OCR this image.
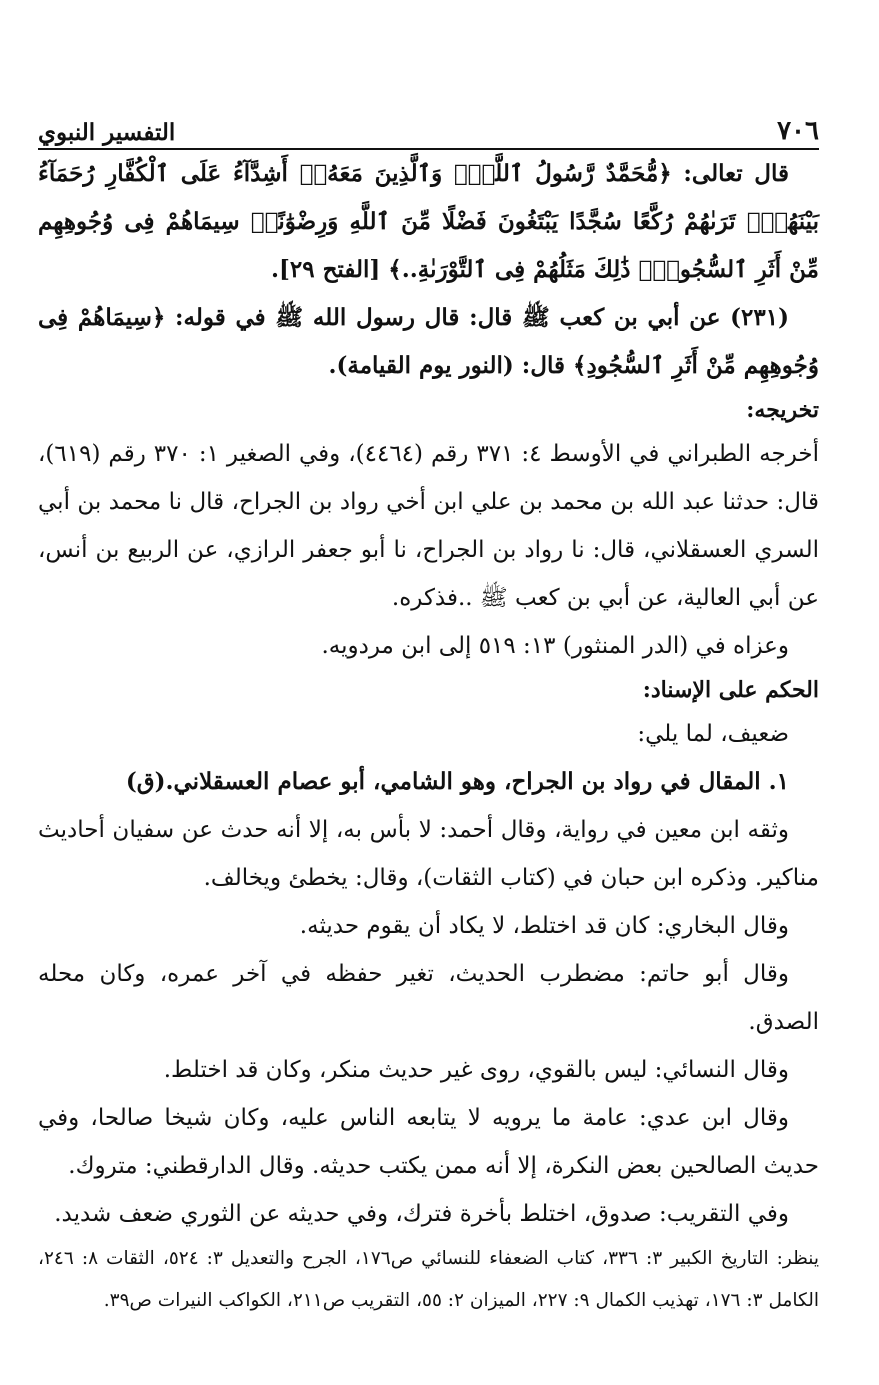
٧٠٦
التفسير النبوي

قال تعالى: ﴿مُّحَمَّدٌ رَّسُولُ ٱللَّهِۚ وَٱلَّذِينَ مَعَهُۥٓ أَشِدَّآءُ عَلَى ٱلْكُفَّارِ رُحَمَآءُ بَيْنَهُمْۖ تَرَىٰهُمْ رُكَّعًا سُجَّدًا يَبْتَغُونَ فَضْلًا مِّنَ ٱللَّهِ وَرِضْوَٰنًاۖ سِيمَاهُمْ فِى وُجُوهِهِم مِّنْ أَثَرِ ٱلسُّجُودِۚ ذَٰلِكَ مَثَلُهُمْ فِى ٱلتَّوْرَىٰةِ..﴾ [الفتح ٢٩].

(٢٣١) عن أبي بن كعب ﷺ قال: قال رسول الله ﷺ في قوله: ﴿سِيمَاهُمْ فِى وُجُوهِهِم مِّنْ أَثَرِ ٱلسُّجُودِ﴾ قال: (النور يوم القيامة).

تخريجه:

أخرجه الطبراني في الأوسط ٤: ٣٧١ رقم (٤٤٦٤)، وفي الصغير ١: ٣٧٠ رقم (٦١٩)، قال: حدثنا عبد الله بن محمد بن علي ابن أخي رواد بن الجراح، قال نا محمد بن أبي السري العسقلاني، قال: نا رواد بن الجراح، نا أبو جعفر الرازي، عن الربيع بن أنس، عن أبي العالية، عن أبي بن كعب ﷺ ..فذكره.

وعزاه في (الدر المنثور) ١٣: ٥١٩ إلى ابن مردويه.

الحكم على الإسناد:

ضعيف، لما يلي:

١. المقال في رواد بن الجراح، وهو الشامي، أبو عصام العسقلاني.(ق)

وثقه ابن معين في رواية، وقال أحمد: لا بأس به، إلا أنه حدث عن سفيان أحاديث مناكير. وذكره ابن حبان في (كتاب الثقات)، وقال: يخطئ ويخالف.

وقال البخاري: كان قد اختلط، لا يكاد أن يقوم حديثه.

وقال أبو حاتم: مضطرب الحديث، تغير حفظه في آخر عمره، وكان محله الصدق.

وقال النسائي: ليس بالقوي، روى غير حديث منكر، وكان قد اختلط.

وقال ابن عدي: عامة ما يرويه لا يتابعه الناس عليه، وكان شيخا صالحا، وفي حديث الصالحين بعض النكرة، إلا أنه ممن يكتب حديثه. وقال الدارقطني: متروك.

وفي التقريب: صدوق، اختلط بأخرة فترك، وفي حديثه عن الثوري ضعف شديد.

ينظر: التاريخ الكبير ٣: ٣٣٦، كتاب الضعفاء للنسائي ص١٧٦، الجرح والتعديل ٣: ٥٢٤، الثقات ٨: ٢٤٦، الكامل ٣: ١٧٦، تهذيب الكمال ٩: ٢٢٧، الميزان ٢: ٥٥، التقريب ص٢١١، الكواكب النيرات ص٣٩.
